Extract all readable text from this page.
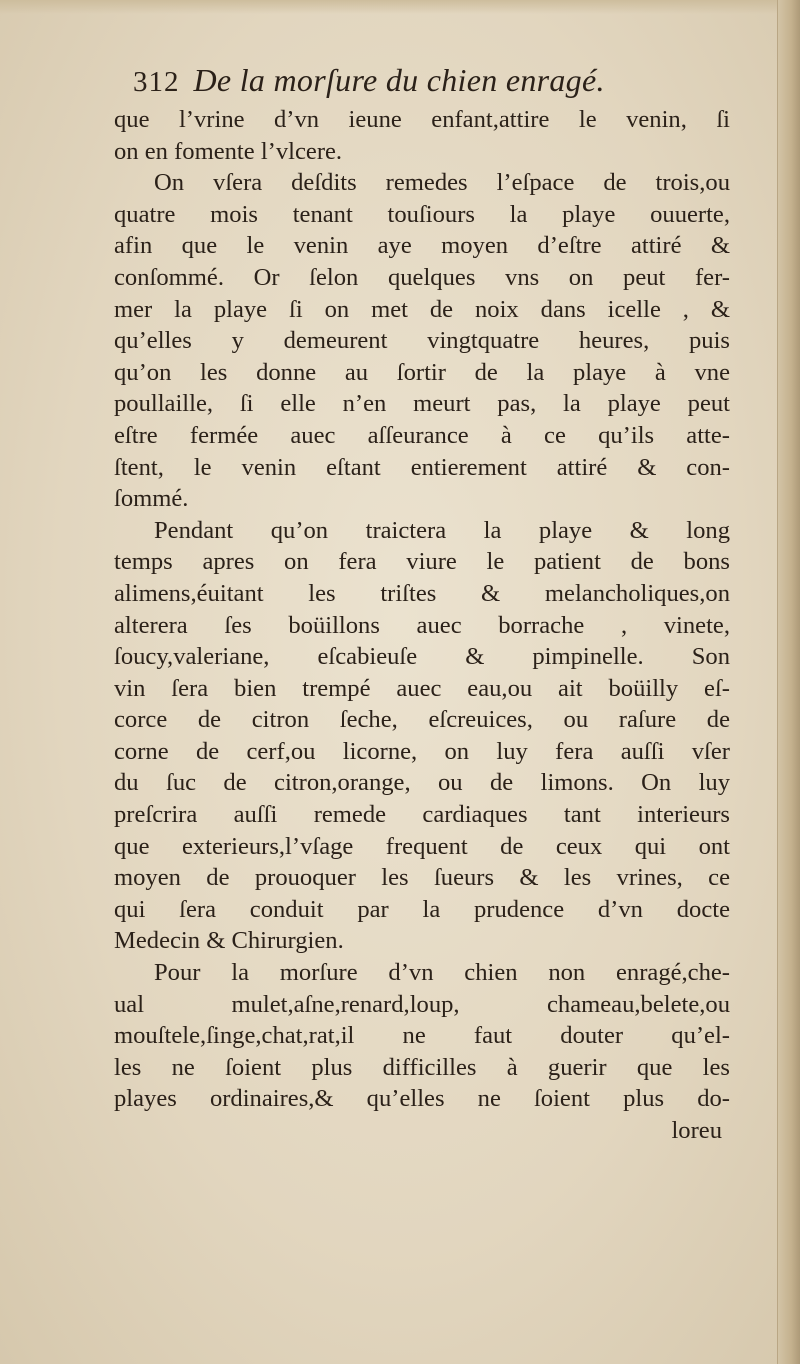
312 De la morſure du chien enragé.
que l’vrine d’vn ieune enfant,attire le venin, ſi
on en fomente l’vlcere.
On vſera deſdits remedes l’eſpace de trois,ou
quatre mois tenant touſiours la playe ouuerte,
afin que le venin aye moyen d’eſtre attiré &
conſommé. Or ſelon quelques vns on peut fer-
mer la playe ſi on met de noix dans icelle , &
qu’elles y demeurent vingtquatre heures, puis
qu’on les donne au ſortir de la playe à vne
poullaille, ſi elle n’en meurt pas, la playe peut
eſtre fermée auec aſſeurance à ce qu’ils atte-
ſtent, le venin eſtant entierement attiré & con-
ſommé.
Pendant qu’on traictera la playe & long
temps apres on fera viure le patient de bons
alimens,éuitant les triſtes & melancholiques,on
alterera ſes boüillons auec borrache , vinete,
ſoucy,valeriane, eſcabieuſe & pimpinelle. Son
vin ſera bien trempé auec eau,ou ait boüilly eſ-
corce de citron ſeche, eſcreuices, ou raſure de
corne de cerf,ou licorne, on luy fera auſſi vſer
du ſuc de citron,orange, ou de limons. On luy
preſcrira auſſi remede cardiaques tant interieurs
que exterieurs,l’vſage frequent de ceux qui ont
moyen de prouoquer les ſueurs & les vrines, ce
qui ſera conduit par la prudence d’vn docte
Medecin & Chirurgien.
Pour la morſure d’vn chien non enragé,che-
ual mulet,aſne,renard,loup, chameau,belete,ou
mouſtele,ſinge,chat,rat,il ne faut douter qu’el-
les ne ſoient plus difficilles à guerir que les
playes ordinaires,& qu’elles ne ſoient plus do-
loreu
